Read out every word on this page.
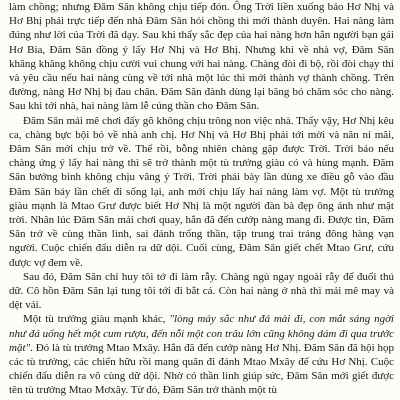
làm chồng; nhưng Đăm Săn không chịu tiếp đón. Ông Trời liền xuống bảo Hơ Nhị và Hơ Bhị phải trực tiếp đến nhà Đăm Săn hỏi chồng thì mới thành duyên. Hai nàng làm đúng như lời của Trời đã dạy. Sau khi thấy sắc đẹp của hai nàng hơn hẳn người bạn gái Hơ Bia, Đăm Săn đồng ý lấy Hơ Nhị và Hơ Bhị. Nhưng khi về nhà vợ, Đăm Săn khăng khăng không chịu cười vui chung với hai nàng. Chàng đòi đi bộ, rồi đòi chạy thi và yêu cầu nếu hai nàng cùng về tới nhà một lúc thì mới thành vợ thành chồng. Trên đường, nàng Hơ Nhị bị đau chân. Đăm Săn đành dùng lại băng bó chăm sóc cho nàng. Sau khi tới nhà, hai nàng làm lễ cúng thần cho Đăm Săn.

Đăm Săn mải mê chơi đấy gõ không chịu trông non việc nhà. Thấy vậy, Hơ Nhị kêu ca, chàng bực bội bỏ về nhà anh chị. Hơ Nhị và Hơ Bhị phải tới mời và năn nỉ mãi, Đăm Săn mới chịu trở về. Thế rồi, bỗng nhiên chàng gặp được Trời. Trời bảo nếu chàng ứng ý lấy hai nàng thì sẽ trở thành một tù trưởng giàu có và hùng mạnh. Đăm Săn bướng bỉnh không chịu vâng ý Trời. Trời phải bày lần dùng xe điều gỗ vào đầu Đăm Săn bảy lần chết đi sống lại, anh mới chịu lấy hai nàng làm vợ. Một tù trưởng giàu mạnh là Mtao Grư được biết Hơ Nhị là một người đàn bà đẹp ông ánh như mặt trời. Nhân lúc Đăm Săn mải chơi quay, hắn đã đến cướp nàng mang đi. Được tin, Đăm Săn trở về cùng thần linh, sai đánh trống thần, tập trung trai tráng đông hàng vạn người. Cuộc chiến đấu diễn ra dữ dội. Cuối cùng, Đăm Săn giết chết Mtao Grư, cứu được vợ đem về.

Sau đó, Đăm Săn chỉ huy tôi tớ đi làm rẫy. Chàng ngủ ngay ngoài rẫy để đuổi thú dữ. Cô hồn Đăm Săn lại tung tôi tới đi bắt cá. Còn hai nàng ở nhà thì mải mê may và dệt vải.

Một tù trưởng giàu mạnh khác, "lòng máy sắc như đá mài đi, con mắt sáng ngời như đá uống hết một cum rượu, đến nỗi một con trâu lớn cũng không dám đi qua trước mặt". Đó là tù trưởng Mtao Mxây. Hắn đã đến cướp nàng Hơ Nhị. Đăm Săn đã hội họp các tù trưởng, các chiến hữu rồi mang quân đi đánh Mtao Mxây để cứu Hơ Nhị. Cuộc chiến đấu diễn ra vô cùng dữ dội. Nhờ có thần linh giúp sức, Đăm Săn mới giết được tên tù trưởng Mtao Mơxây. Từ đó, Đăm Săn trở thành một tù
